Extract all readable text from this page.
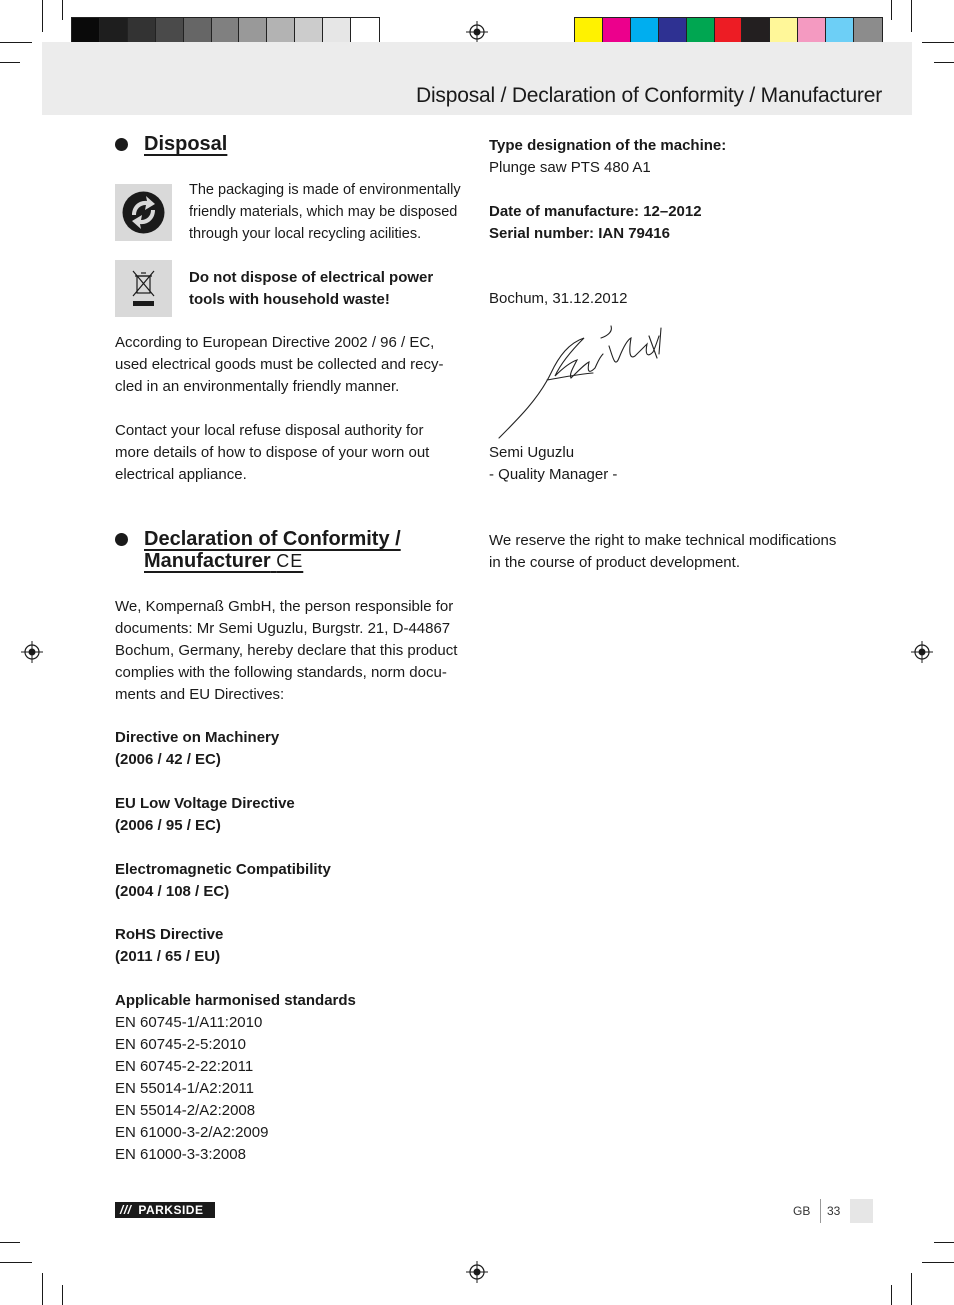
Disposal / Declaration of Conformity / Manufacturer
Disposal
The packaging is made of environmentally
friendly materials, which may be disposed
through your local recycling acilities.
Do not dispose of electrical power
tools with household waste!
According to European Directive 2002 / 96 / EC,
used electrical goods must be collected and recy-
cled in an environmentally friendly manner.
Contact your local refuse disposal authority for
more details of how to dispose of your worn out
electrical appliance.
Declaration of Conformity /
Manufacturer CE
We, Kompernaß GmbH, the person responsible for
documents: Mr Semi Uguzlu, Burgstr. 21, D-44867
Bochum, Germany, hereby declare that this product
complies with the following standards, norm docu-
ments and EU Directives:
Directive on Machinery
(2006 / 42 / EC)
EU Low Voltage Directive
(2006 / 95 / EC)
Electromagnetic Compatibility
(2004 / 108 / EC)
RoHS Directive
(2011 / 65 / EU)
Applicable harmonised standards
EN 60745-1/A11:2010
EN 60745-2-5:2010
EN 60745-2-22:2011
EN 55014-1/A2:2011
EN 55014-2/A2:2008
EN 61000-3-2/A2:2009
EN 61000-3-3:2008
Type designation of the machine:
Plunge saw PTS 480 A1
Date of manufacture: 12–2012
Serial number: IAN 79416
Bochum, 31.12.2012
Semi Uguzlu
- Quality Manager -
We reserve the right to make technical modifications
in the course of product development.
/// PARKSIDE	GB 33
